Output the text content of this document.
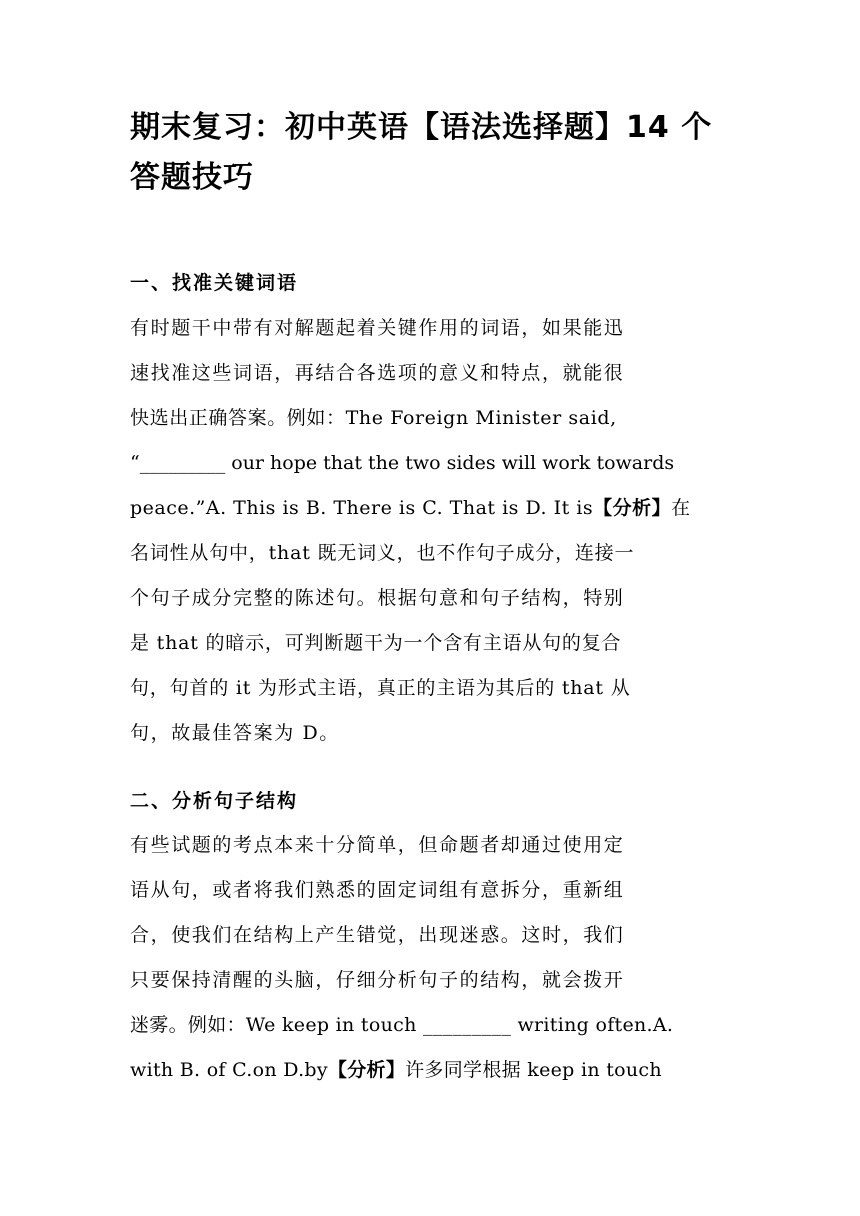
期末复习：初中英语【语法选择题】14 个
答题技巧
一、找准关键词语
有时题干中带有对解题起着关键作用的词语，如果能迅
速找准这些词语，再结合各选项的意义和特点，就能很
快选出正确答案。例如：The Foreign Minister said,
“_________ our hope that the two sides will work towards
peace.”A. This is B. There is C. That is D. It is【分析】在
名词性从句中，that 既无词义，也不作句子成分，连接一
个句子成分完整的陈述句。根据句意和句子结构，特别
是 that 的暗示，可判断题干为一个含有主语从句的复合
句，句首的 it 为形式主语，真正的主语为其后的 that 从
句，故最佳答案为 D。
二、分析句子结构
有些试题的考点本来十分简单，但命题者却通过使用定
语从句，或者将我们熟悉的固定词组有意拆分，重新组
合，使我们在结构上产生错觉，出现迷惑。这时，我们
只要保持清醒的头脑，仔细分析句子的结构，就会拨开
迷雾。例如：We keep in touch _________ writing often.A.
with B. of C.on D.by【分析】许多同学根据 keep in touch
